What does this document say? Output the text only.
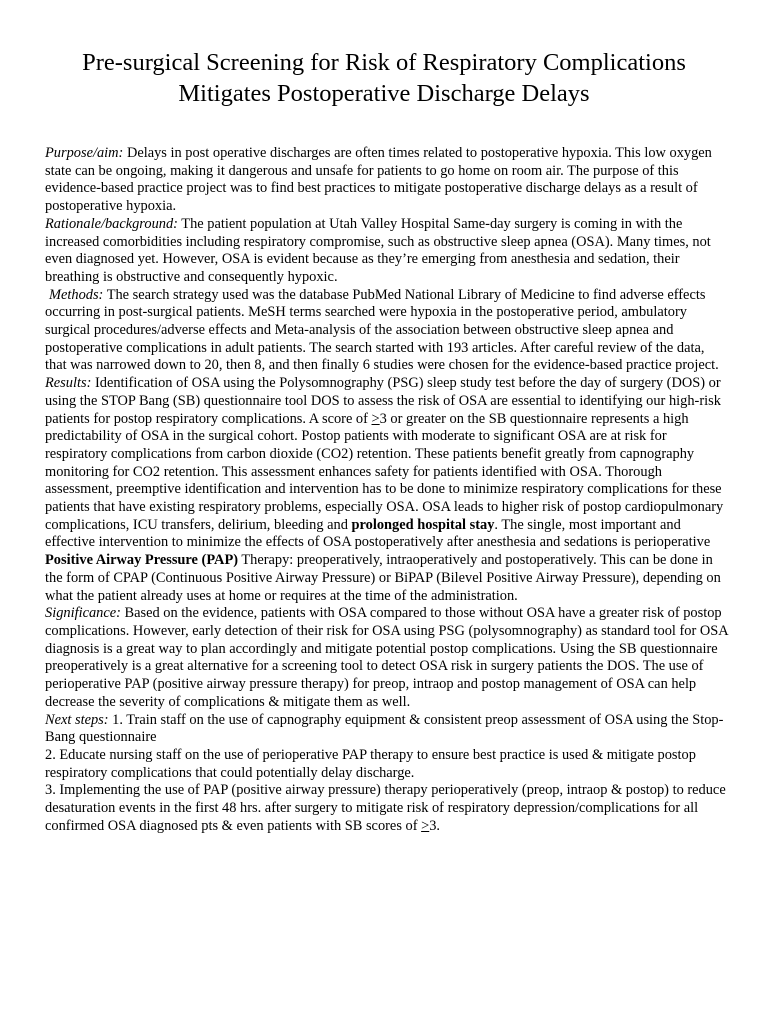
Pre-surgical Screening for Risk of Respiratory Complications
Mitigates Postoperative Discharge Delays

Purpose/aim: Delays in post operative discharges are often times related to postoperative hypoxia. This low oxygen state can be ongoing, making it dangerous and unsafe for patients to go home on room air. The purpose of this evidence-based practice project was to find best practices to mitigate postoperative discharge delays as a result of postoperative hypoxia.

Rationale/background: The patient population at Utah Valley Hospital Same-day surgery is coming in with the increased comorbidities including respiratory compromise, such as obstructive sleep apnea (OSA). Many times, not even diagnosed yet. However, OSA is evident because as they’re emerging from anesthesia and sedation, their breathing is obstructive and consequently hypoxic.

Methods: The search strategy used was the database PubMed National Library of Medicine to find adverse effects occurring in post-surgical patients. MeSH terms searched were hypoxia in the postoperative period, ambulatory surgical procedures/adverse effects and Meta-analysis of the association between obstructive sleep apnea and postoperative complications in adult patients. The search started with 193 articles. After careful review of the data, that was narrowed down to 20, then 8, and then finally 6 studies were chosen for the evidence-based practice project.

Results: Identification of OSA using the Polysomnography (PSG) sleep study test before the day of surgery (DOS) or using the STOP Bang (SB) questionnaire tool DOS to assess the risk of OSA are essential to identifying our high-risk patients for postop respiratory complications. A score of >3 or greater on the SB questionnaire represents a high predictability of OSA in the surgical cohort. Postop patients with moderate to significant OSA are at risk for respiratory complications from carbon dioxide (CO2) retention. These patients benefit greatly from capnography monitoring for CO2 retention. This assessment enhances safety for patients identified with OSA. Thorough assessment, preemptive identification and intervention has to be done to minimize respiratory complications for these patients that have existing respiratory problems, especially OSA. OSA leads to higher risk of postop cardiopulmonary complications, ICU transfers, delirium, bleeding and prolonged hospital stay. The single, most important and effective intervention to minimize the effects of OSA postoperatively after anesthesia and sedations is perioperative Positive Airway Pressure (PAP) Therapy: preoperatively, intraoperatively and postoperatively. This can be done in the form of CPAP (Continuous Positive Airway Pressure) or BiPAP (Bilevel Positive Airway Pressure), depending on what the patient already uses at home or requires at the time of the administration.

Significance: Based on the evidence, patients with OSA compared to those without OSA have a greater risk of postop complications. However, early detection of their risk for OSA using PSG (polysomnography) as standard tool for OSA diagnosis is a great way to plan accordingly and mitigate potential postop complications. Using the SB questionnaire preoperatively is a great alternative for a screening tool to detect OSA risk in surgery patients the DOS. The use of perioperative PAP (positive airway pressure therapy) for preop, intraop and postop management of OSA can help decrease the severity of complications & mitigate them as well.

Next steps: 1. Train staff on the use of capnography equipment & consistent preop assessment of OSA using the Stop-Bang questionnaire

2. Educate nursing staff on the use of perioperative PAP therapy to ensure best practice is used & mitigate postop respiratory complications that could potentially delay discharge.

3. Implementing the use of PAP (positive airway pressure) therapy perioperatively (preop, intraop & postop) to reduce desaturation events in the first 48 hrs. after surgery to mitigate risk of respiratory depression/complications for all confirmed OSA diagnosed pts & even patients with SB scores of >3.
